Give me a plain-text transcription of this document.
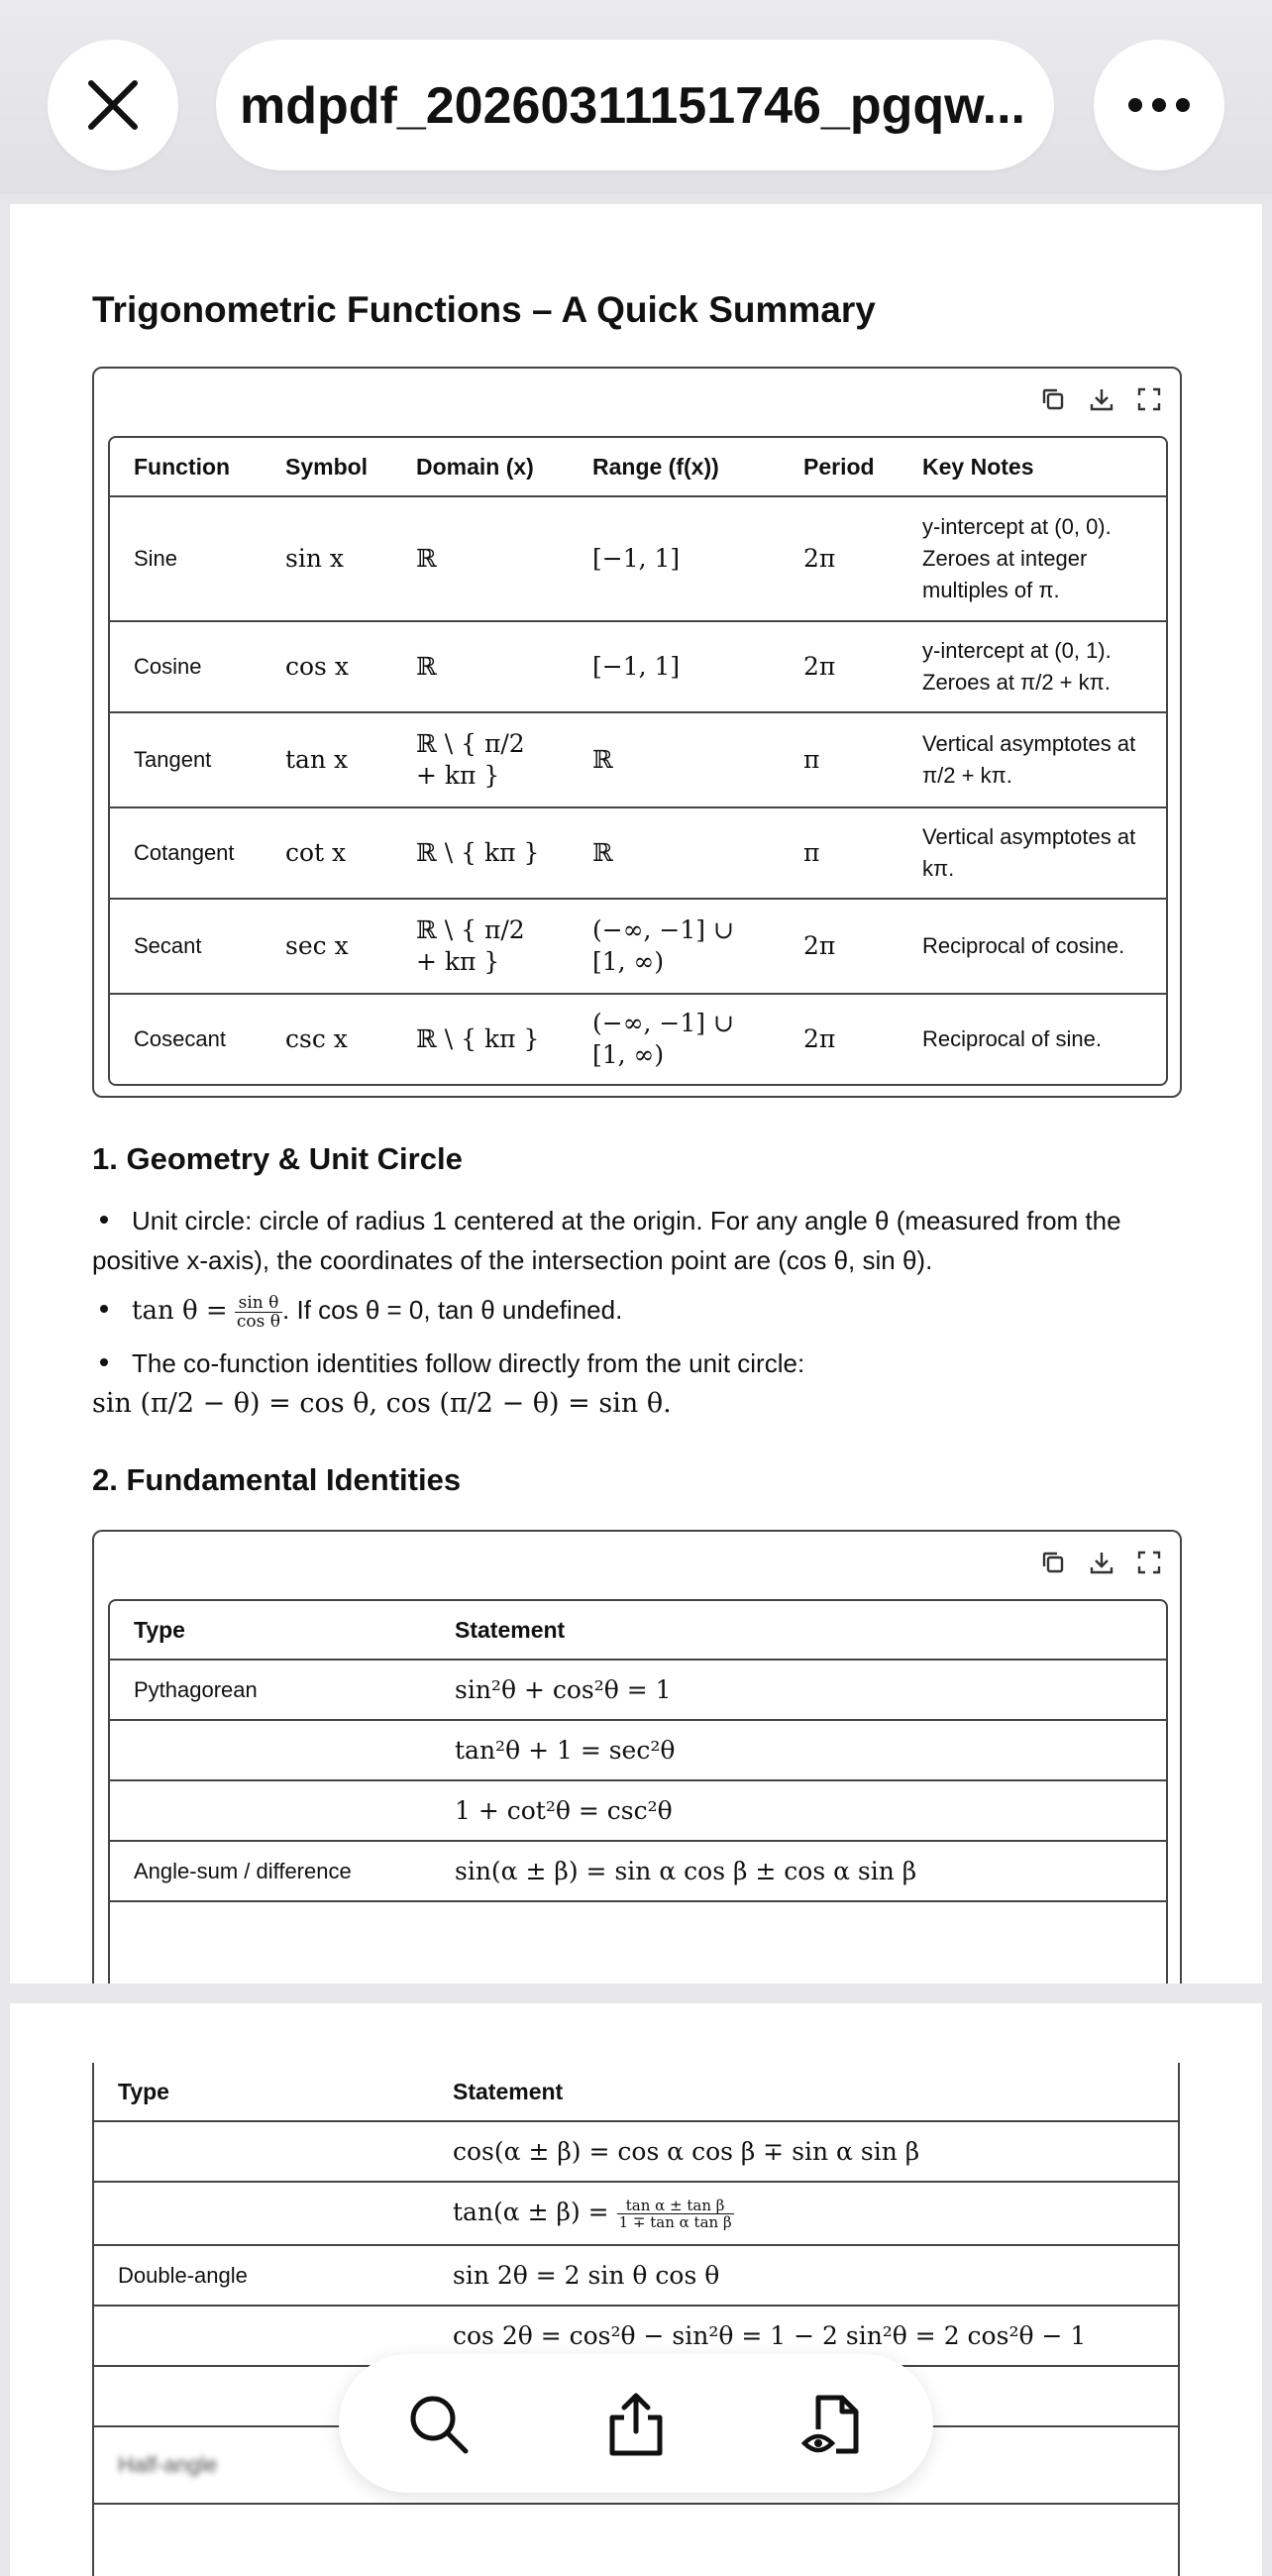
mdpdf_20260311151746_pgqw...
Trigonometric Functions – A Quick Summary

Function	Symbol	Domain (x)	Range (f(x))	Period	Key Notes
Sine	sin x	ℝ	[−1, 1]	2π	y-intercept at (0, 0). Zeroes at integer multiples of π.
Cosine	cos x	ℝ	[−1, 1]	2π	y-intercept at (0, 1). Zeroes at π/2 + kπ.
Tangent	tan x	ℝ \ { π/2 + kπ }	ℝ	π	Vertical asymptotes at π/2 + kπ.
Cotangent	cot x	ℝ \ { kπ }	ℝ	π	Vertical asymptotes at kπ.
Secant	sec x	ℝ \ { π/2 + kπ }	(−∞, −1] ∪ [1, ∞)	2π	Reciprocal of cosine.
Cosecant	csc x	ℝ \ { kπ }	(−∞, −1] ∪ [1, ∞)	2π	Reciprocal of sine.
1. Geometry & Unit Circle

Unit circle: circle of radius 1 centered at the origin. For any angle θ (measured from the positive x-axis), the coordinates of the intersection point are (cos θ, sin θ).

$\tan \theta = \frac{\text{sin θ}}{\text{cos θ}}$ . If cos θ = 0, tan θ undefined.

The co-function identities follow directly from the unit circle:
sin (π/2 − θ) = cos θ, cos (π/2 − θ) = sin θ.

2. Fundamental Identities

Type	Statement
Pythagorean	sin²θ + cos²θ = 1
	tan²θ + 1 = sec²θ
	1 + cot²θ = csc²θ
Angle-sum / difference	sin(α ± β) = sin α cos β ± cos α sin β

Type	Statement
	cos(α ± β) = cos α cos β ∓ sin α sin β
	$\tan(\alpha \pm \beta) = \frac{\text{tan α ± tan β}}{\text{1 ∓ tan α tan β}}$

Double-angle	sin 2θ = 2 sin θ cos θ
	cos 2θ = cos²θ − sin²θ = 1 − 2 sin²θ = 2 cos²θ − 1

Half-angle	
